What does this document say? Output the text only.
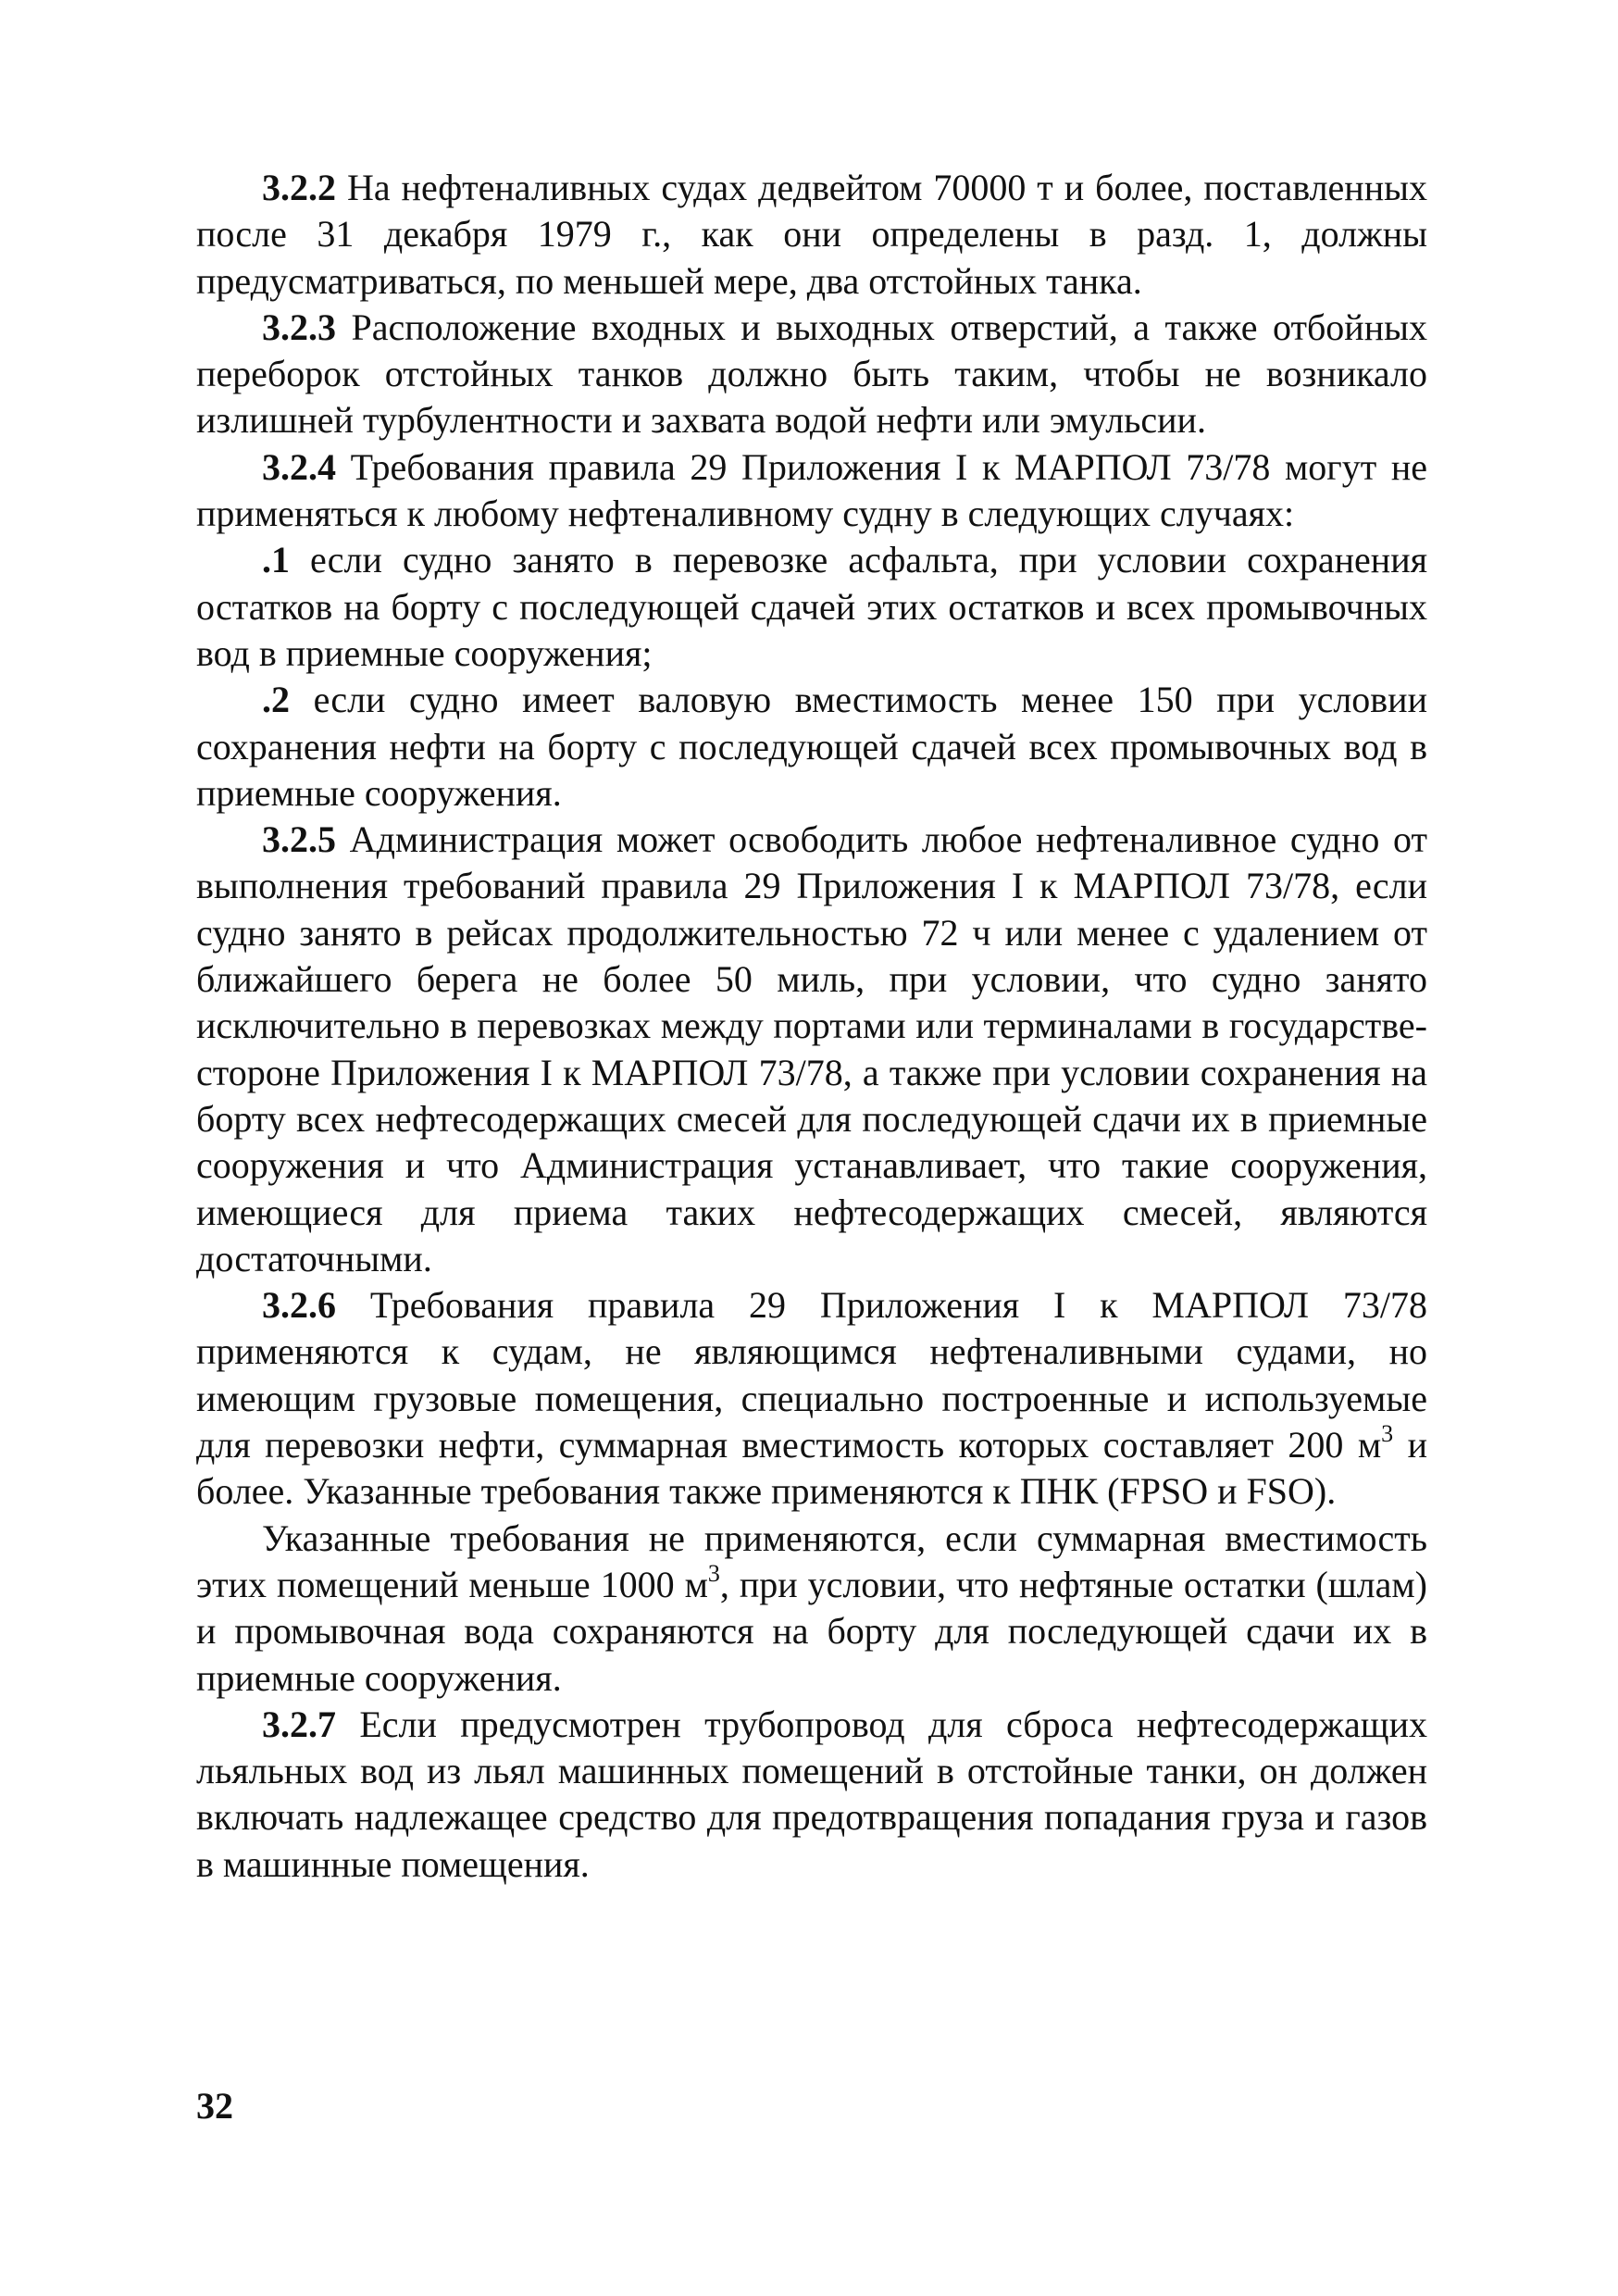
3.2.2 На нефтеналивных судах дедвейтом 70000 т и более, поставленных после 31 декабря 1979 г., как они определены в разд. 1, должны предусматриваться, по меньшей мере, два отстойных танка.

3.2.3 Расположение входных и выходных отверстий, а также отбойных переборок отстойных танков должно быть таким, чтобы не возникало излишней турбулентности и захвата водой нефти или эмульсии.

3.2.4 Требования правила 29 Приложения I к МАРПОЛ 73/78 могут не применяться к любому нефтеналивному судну в следующих случаях:

.1 если судно занято в перевозке асфальта, при условии сохранения остатков на борту с последующей сдачей этих остатков и всех промывочных вод в приемные сооружения;

.2 если судно имеет валовую вместимость менее 150 при условии сохранения нефти на борту с последующей сдачей всех промывочных вод в приемные сооружения.

3.2.5 Администрация может освободить любое нефтеналивное судно от выполнения требований правила 29 Приложения I к МАРПОЛ 73/78, если судно занято в рейсах продолжительностью 72 ч или менее с удалением от ближайшего берега не более 50 миль, при условии, что судно занято исключительно в перевозках между портами или терминалами в государстве-стороне Приложения I к МАРПОЛ 73/78, а также при условии сохранения на борту всех нефтесодержащих смесей для последующей сдачи их в приемные сооружения и что Администрация устанавливает, что такие сооружения, имеющиеся для приема таких нефтесодержащих смесей, являются достаточными.

3.2.6 Требования правила 29 Приложения I к МАРПОЛ 73/78 применяются к судам, не являющимся нефтеналивными судами, но имеющим грузовые помещения, специально построенные и используемые для перевозки нефти, суммарная вместимость которых составляет 200 $м^3$ и более. Указанные требования также применяются к ПНК (FPSO и FSO).

Указанные требования не применяются, если суммарная вместимость этих помещений меньше 1000 $м^3$, при условии, что нефтяные остатки (шлам) и промывочная вода сохраняются на борту для последующей сдачи их в приемные сооружения.

3.2.7 Если предусмотрен трубопровод для сброса нефтесодержащих льяльных вод из льял машинных помещений в отстойные танки, он должен включать надлежащее средство для предотвращения попадания груза и газов в машинные помещения.

32
